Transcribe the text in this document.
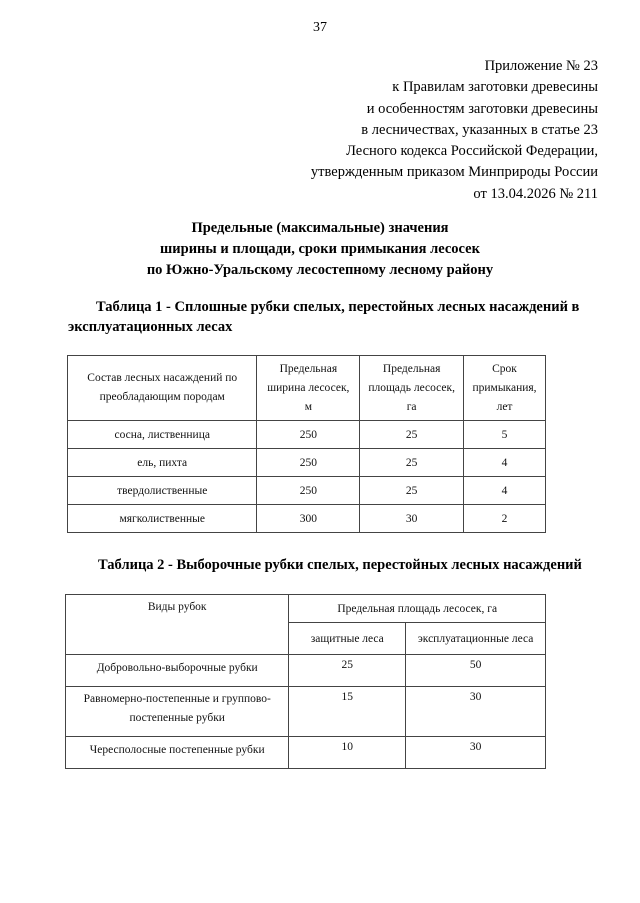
37
Приложение № 23
к Правилам заготовки древесины
и особенностям заготовки древесины
в лесничествах, указанных в статье 23
Лесного кодекса Российской Федерации,
утвержденным приказом Минприроды России
от 13.04.2026 № 211
Предельные (максимальные) значения
ширины и площади, сроки примыкания лесосек
по Южно-Уральскому лесостепному лесному району
Таблица 1 - Сплошные рубки спелых, перестойных лесных насаждений в
эксплуатационных лесах
Состав лесных насаждений по
преобладающим породам	Предельная
ширина лесосек,
м	Предельная
площадь лесосек,
га	Срок
примыкания,
лет
сосна, лиственница	250	25	5
ель, пихта	250	25	4
твердолиственные	250	25	4
мягколиственные	300	30	2
Таблица 2 - Выборочные рубки спелых, перестойных лесных насаждений
Виды рубок	Предельная площадь лесосек, га	
	защитные леса	эксплуатационные леса
Добровольно-выборочные рубки	25	50
Равномерно-постепенные и группово-
постепенные рубки	15	30
Чересполосные постепенные рубки	10	30
